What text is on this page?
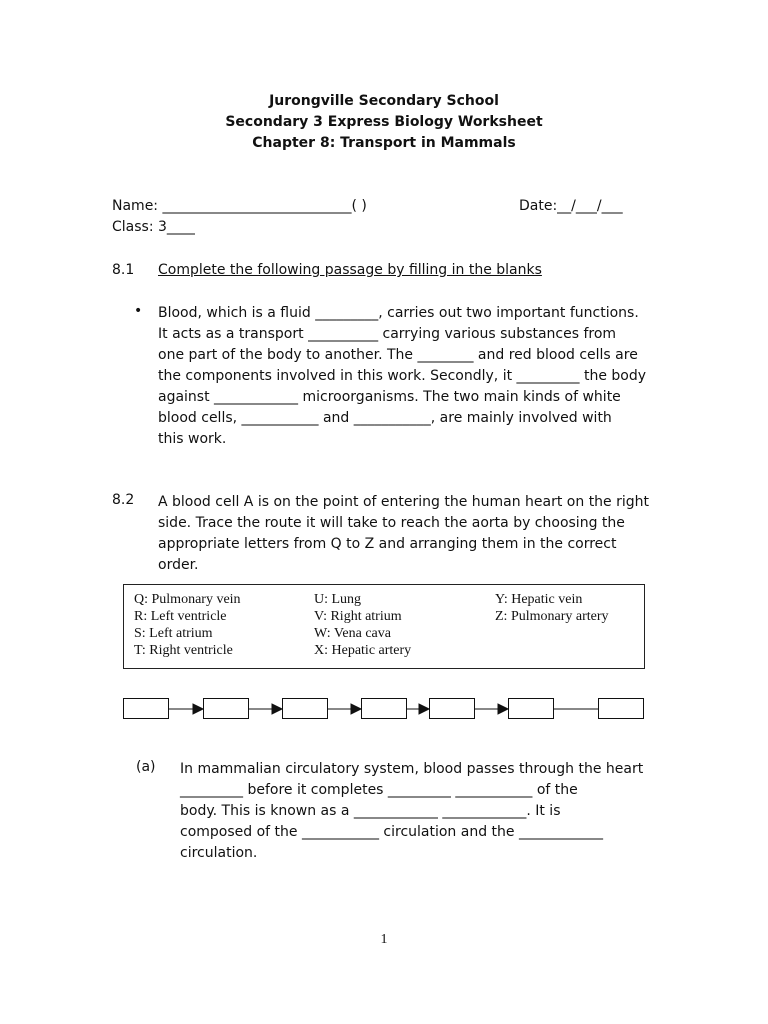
Jurongville Secondary School
Secondary 3 Express Biology Worksheet
Chapter 8: Transport in Mammals
Name: ___________________________( )	Date:__/___/___
Class: 3____
8.1 Complete the following passage by filling in the blanks
• Blood, which is a fluid _________, carries out two important functions.
It acts as a transport __________ carrying various substances from
one part of the body to another. The ________ and red blood cells are
the components involved in this work. Secondly, it _________ the body
against ____________ microorganisms. The two main kinds of white
blood cells, ___________ and ___________, are mainly involved with
this work.
8.2 A blood cell A is on the point of entering the human heart on the right
side. Trace the route it will take to reach the aorta by choosing the
appropriate letters from Q to Z and arranging them in the correct
order.
Q: Pulmonary vein
R: Left ventricle
S: Left atrium
T: Right ventricle
U: Lung
V: Right atrium
W: Vena cava
X: Hepatic artery
Y: Hepatic vein
Z: Pulmonary artery
(a) In mammalian circulatory system, blood passes through the heart
_________ before it completes _________ ___________ of the
body. This is known as a ____________ ____________. It is
composed of the ___________ circulation and the ____________
circulation.
1
